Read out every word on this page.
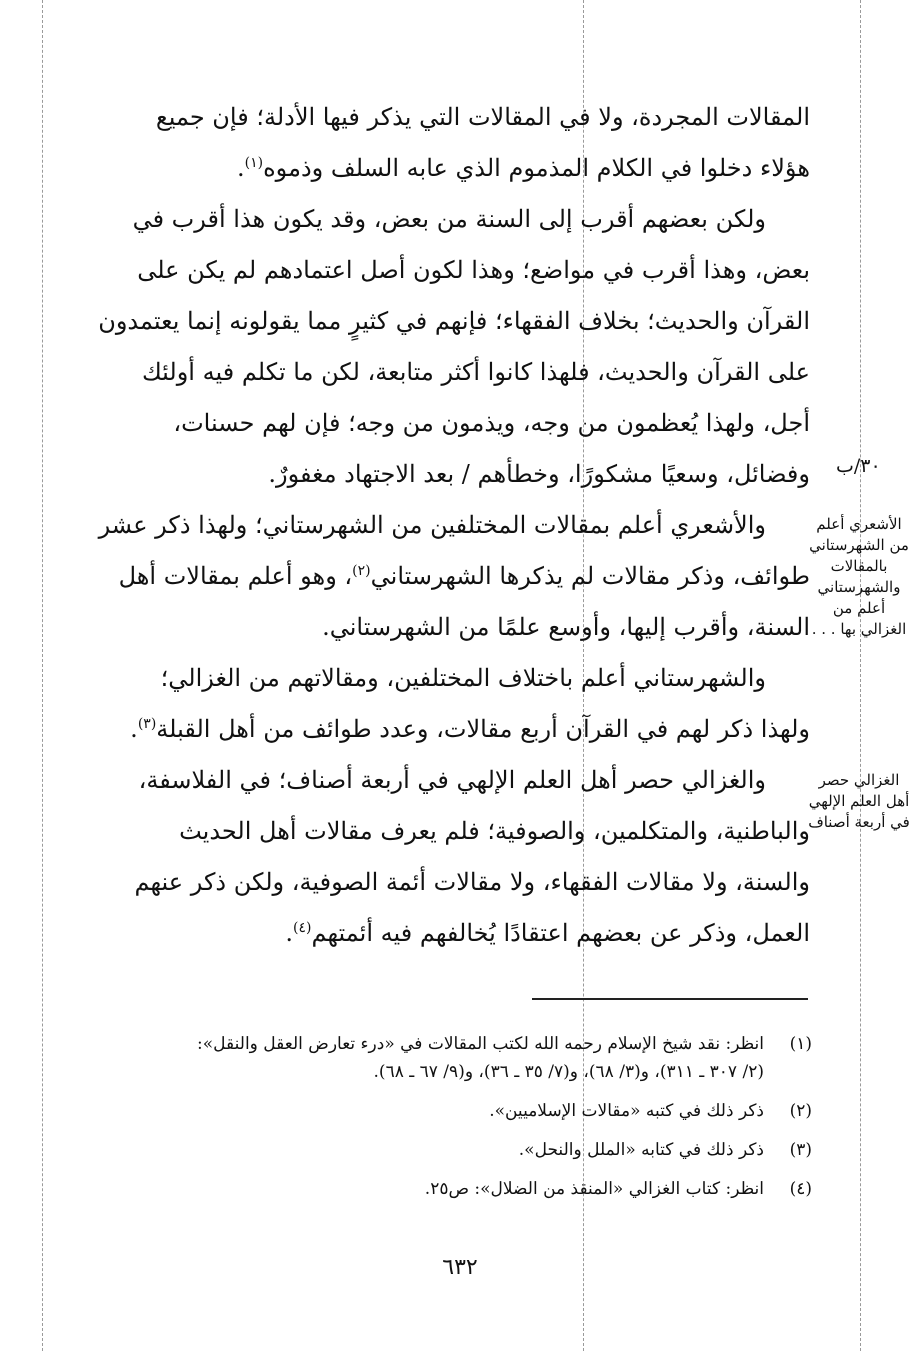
المقالات المجردة، ولا في المقالات التي يذكر فيها الأدلة؛ فإن جميع

هؤلاء دخلوا في الكلام المذموم الذي عابه السلف وذموه$^{(١)}$.

ولكن بعضهم أقرب إلى السنة من بعض، وقد يكون هذا أقرب في

بعض، وهذا أقرب في مواضع؛ وهذا لكون أصل اعتمادهم لم يكن على

القرآن والحديث؛ بخلاف الفقهاء؛ فإنهم في كثيرٍ مما يقولونه إنما يعتمدون

على القرآن والحديث، فلهذا كانوا أكثر متابعة، لكن ما تكلم فيه أولئك

أجل، ولهذا يُعظمون من وجه، ويذمون من وجه؛ فإن لهم حسنات،

وفضائل، وسعيًا مشكورًا، وخطأهم / بعد الاجتهاد مغفورٌ.

والأشعري أعلم بمقالات المختلفين من الشهرستاني؛ ولهذا ذكر عشر

طوائف، وذكر مقالات لم يذكرها الشهرستاني$^{(٢)}$، وهو أعلم بمقالات أهل

السنة، وأقرب إليها، وأوسع علمًا من الشهرستاني.

والشهرستاني أعلم باختلاف المختلفين، ومقالاتهم من الغزالي؛

ولهذا ذكر لهم في القرآن أربع مقالات، وعدد طوائف من أهل القبلة$^{(٣)}$.

والغزالي حصر أهل العلم الإلهي في أربعة أصناف؛ في الفلاسفة،

والباطنية، والمتكلمين، والصوفية؛ فلم يعرف مقالات أهل الحديث

والسنة، ولا مقالات الفقهاء، ولا مقالات أئمة الصوفية، ولكن ذكر عنهم

العمل، وذكر عن بعضهم اعتقادًا يُخالفهم فيه أئمتهم$^{(٤)}$.

٣٠/ب
الأشعري أعلم من الشهرستاني بالمقالات والشهرستاني أعلم من الغزالي بها . . .
الغزالي حصر أهل العلم الإلهي في أربعة أصناف

(١)انظر: نقد شيخ الإسلام رحمه الله لكتب المقالات في «درء تعارض العقل والنقل»:
(٢/ ٣٠٧ ـ ٣١١)، و(٣/ ٦٨)، و(٧/ ٣٥ ـ ٣٦)، و(٩/ ٦٧ ـ ٦٨).

(٢)ذكر ذلك في كتبه «مقالات الإسلاميين».

(٣)ذكر ذلك في كتابه «الملل والنحل».

(٤)انظر: كتاب الغزالي «المنقذ من الضلال»: ص٢٥.

٦٣٢
